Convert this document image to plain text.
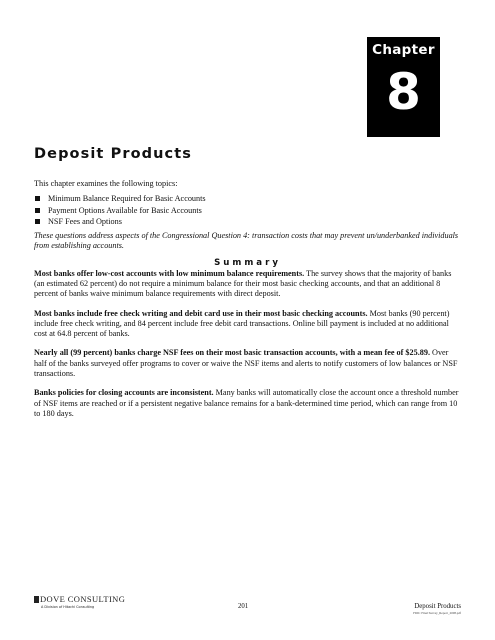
Chapter
8
Deposit Products

This chapter examines the following topics:

Minimum Balance Required for Basic Accounts
Payment Options Available for Basic Accounts
NSF Fees and Options

These questions address aspects of the Congressional Question 4: transaction costs that may prevent un/underbanked individuals from establishing accounts.

Summary

Most banks offer low-cost accounts with low minimum balance requirements. The survey shows that the majority of banks (an estimated 62 percent) do not require a minimum balance for their most basic checking accounts, and that an additional 8 percent of banks waive minimum balance requirements with direct deposit.

Most banks include free check writing and debit card use in their most basic checking accounts. Most banks (90 percent) include free check writing, and 84 percent include free debit card transactions. Online bill payment is included at no additional cost at 64.8 percent of banks.

Nearly all (99 percent) banks charge NSF fees on their most basic transaction accounts, with a mean fee of $25.89. Over half of the banks surveyed offer programs to cover or waive the NSF items and alerts to notify customers of low balances or NSF transactions.

Banks policies for closing accounts are inconsistent. Many banks will automatically close the account once a threshold number of NSF items are reached or if a persistent negative balance remains for a bank-determined time period, which can range from 10 to 180 days.

DOVE CONSULTING
A Division of Hitachi Consulting	201	Deposit Products
FDIC Final Survey_Report_2008.pdf
